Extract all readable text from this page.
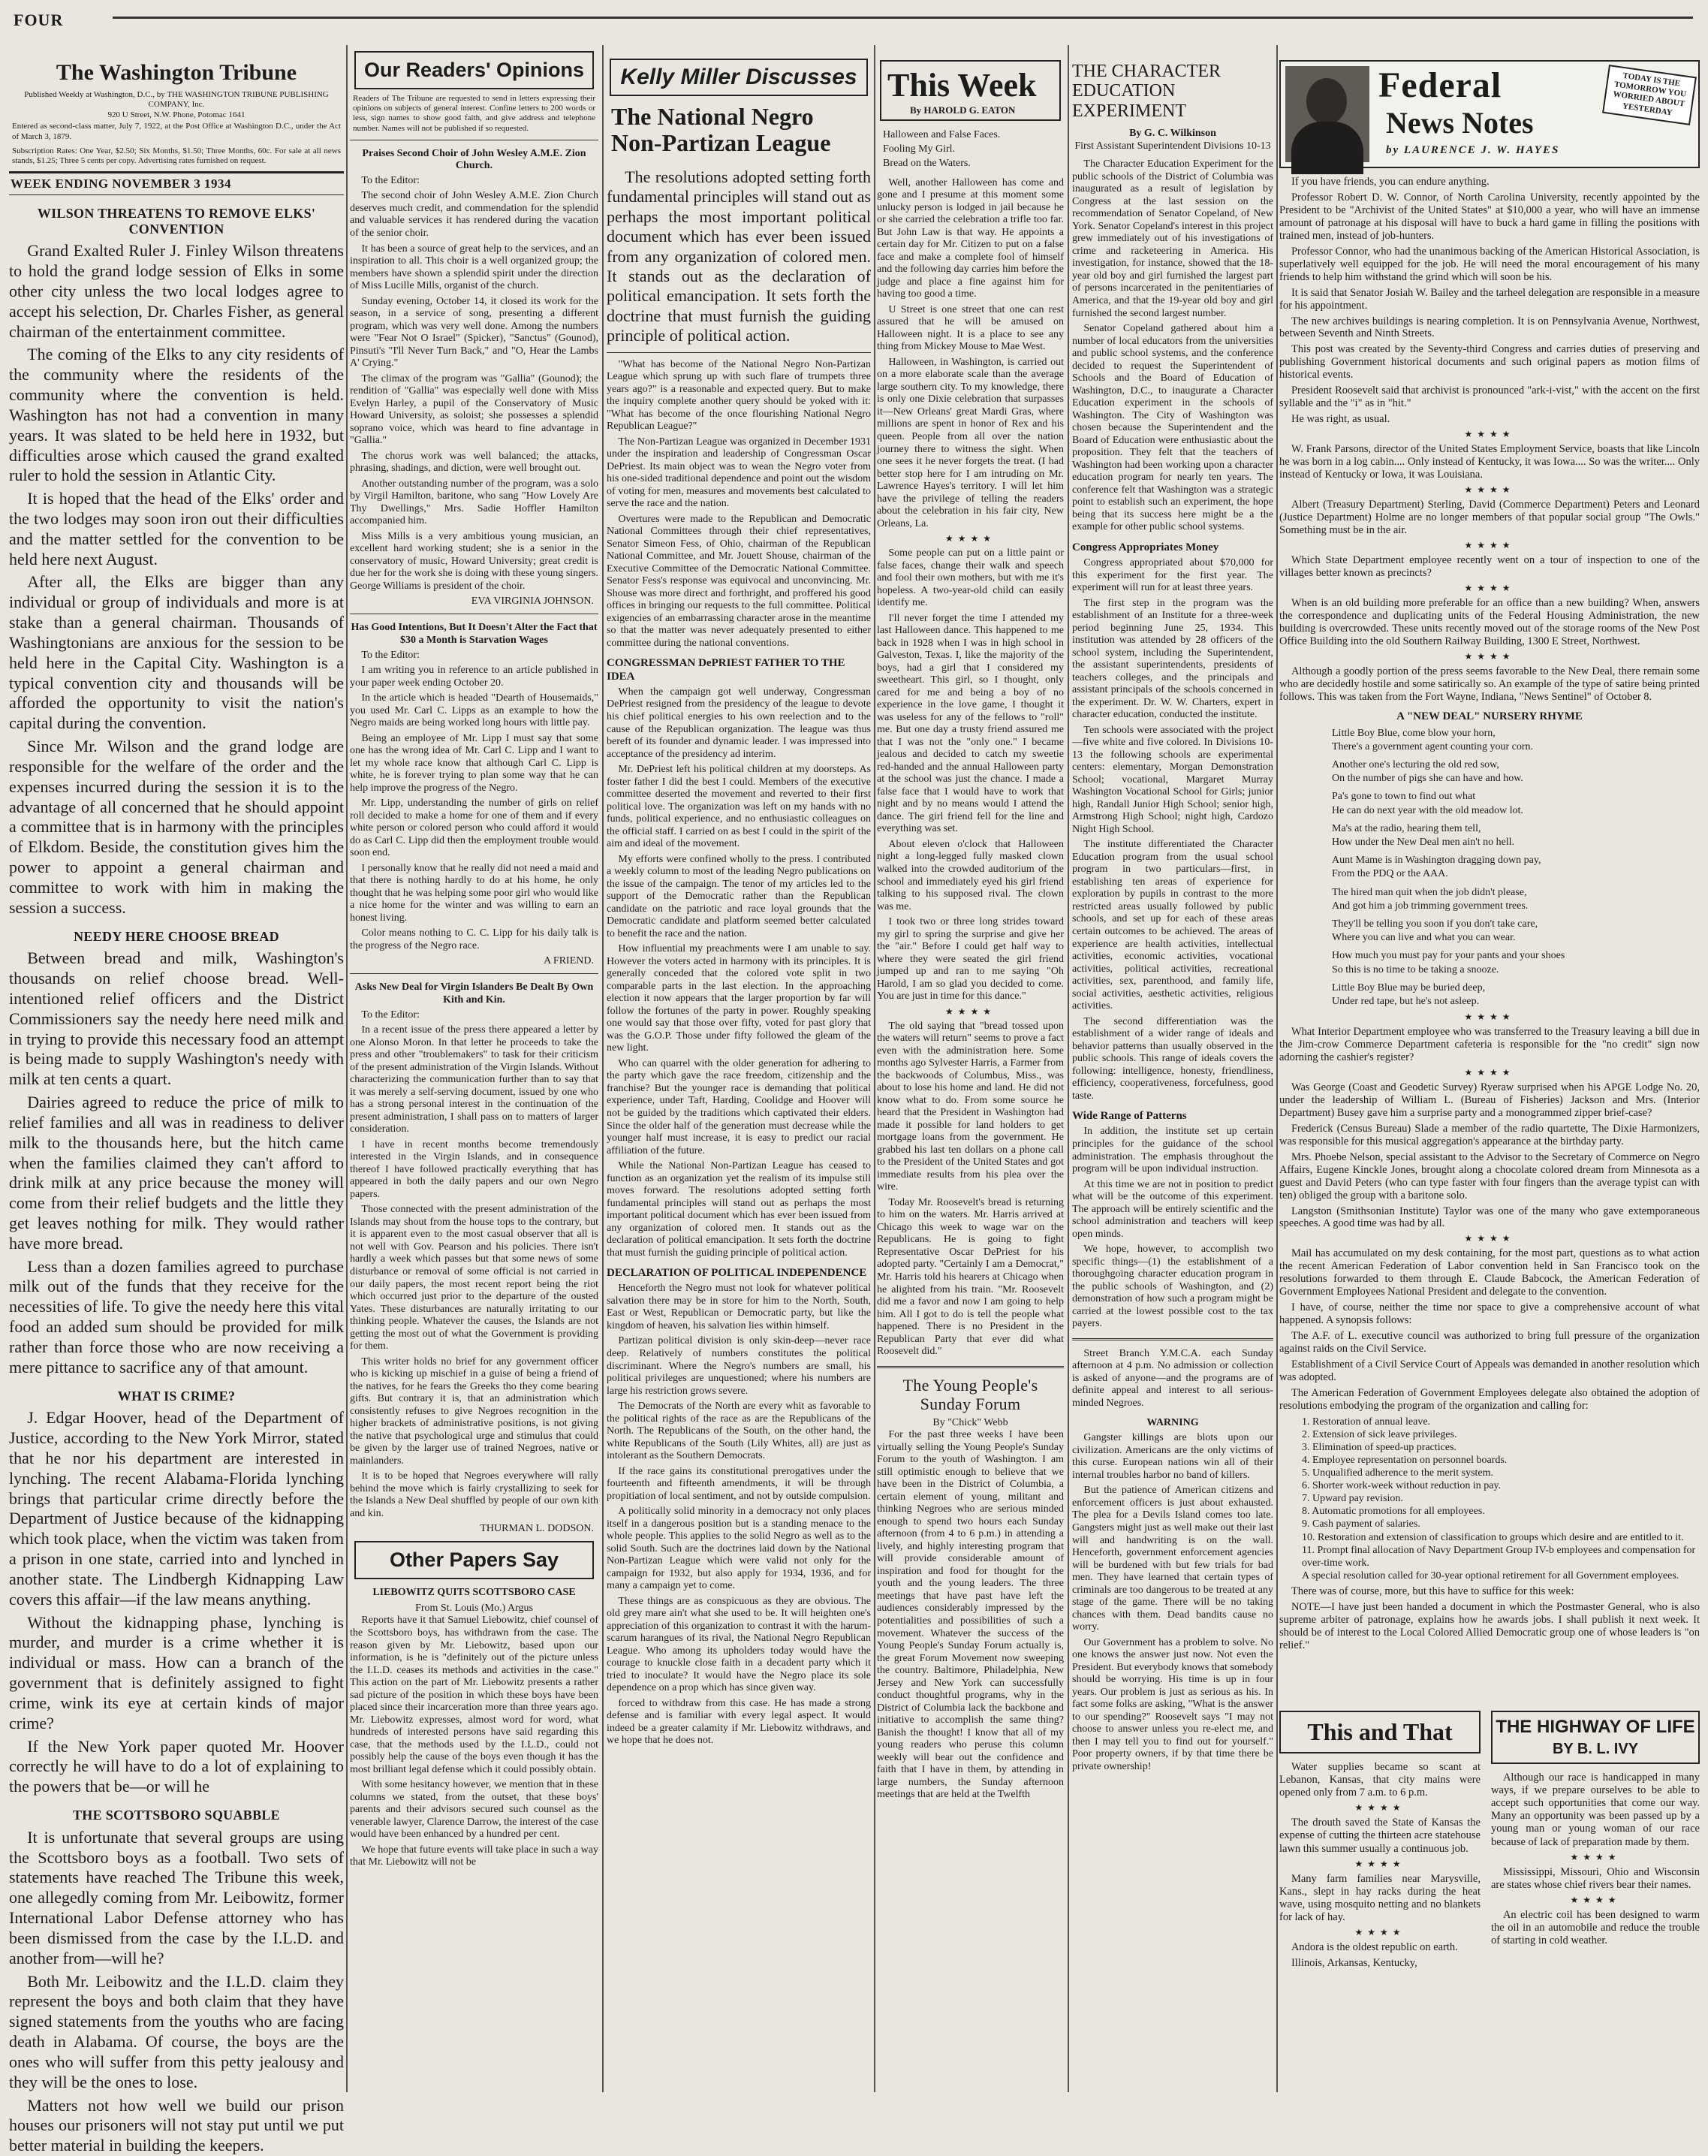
FOUR
The Washington Tribune
Published Weekly at Washington, D.C., by THE WASHINGTON TRIBUNE PUBLISHING COMPANY, Inc.
920 U Street, N.W. Phone, Potomac 1641
Entered as second-class matter, July 7, 1922, at the Post Office at Washington D.C., under the Act of March 3, 1879.
Subscription Rates: One Year, $2.50; Six Months, $1.50; Three Months, 60c. For sale at all news stands, $1.25; Three 5 cents per copy. Advertising rates furnished on request.
WEEK ENDING NOVEMBER 3 1934
WILSON THREATENS TO REMOVE ELKS' CONVENTION

Grand Exalted Ruler J. Finley Wilson threatens to hold the grand lodge session of Elks in some other city unless the two local lodges agree to accept his selection, Dr. Charles Fisher, as general chairman of the entertainment committee.

The coming of the Elks to any city residents of the community where the residents of the community where the convention is held. Washington has not had a convention in many years. It was slated to be held here in 1932, but difficulties arose which caused the grand exalted ruler to hold the session in Atlantic City.

It is hoped that the head of the Elks' order and the two lodges may soon iron out their difficulties and the matter settled for the convention to be held here next August.

After all, the Elks are bigger than any individual or group of individuals and more is at stake than a general chairman. Thousands of Washingtonians are anxious for the session to be held here in the Capital City. Washington is a typical convention city and thousands will be afforded the opportunity to visit the nation's capital during the convention.

Since Mr. Wilson and the grand lodge are responsible for the welfare of the order and the expenses incurred during the session it is to the advantage of all concerned that he should appoint a committee that is in harmony with the principles of Elkdom. Beside, the constitution gives him the power to appoint a general chairman and committee to work with him in making the session a success.

NEEDY HERE CHOOSE BREAD

Between bread and milk, Washington's thousands on relief choose bread. Well-intentioned relief officers and the District Commissioners say the needy here need milk and in trying to provide this necessary food an attempt is being made to supply Washington's needy with milk at ten cents a quart.

Dairies agreed to reduce the price of milk to relief families and all was in readiness to deliver milk to the thousands here, but the hitch came when the families claimed they can't afford to drink milk at any price because the money will come from their relief budgets and the little they get leaves nothing for milk. They would rather have more bread.

Less than a dozen families agreed to purchase milk out of the funds that they receive for the necessities of life. To give the needy here this vital food an added sum should be provided for milk rather than force those who are now receiving a mere pittance to sacrifice any of that amount.

WHAT IS CRIME?

J. Edgar Hoover, head of the Department of Justice, according to the New York Mirror, stated that he nor his department are interested in lynching. The recent Alabama-Florida lynching brings that particular crime directly before the Department of Justice because of the kidnapping which took place, when the victim was taken from a prison in one state, carried into and lynched in another state. The Lindbergh Kidnapping Law covers this affair—if the law means anything.

Without the kidnapping phase, lynching is murder, and murder is a crime whether it is individual or mass. How can a branch of the government that is definitely assigned to fight crime, wink its eye at certain kinds of major crime?

If the New York paper quoted Mr. Hoover correctly he will have to do a lot of explaining to the powers that be—or will he

THE SCOTTSBORO SQUABBLE

It is unfortunate that several groups are using the Scottsboro boys as a football. Two sets of statements have reached The Tribune this week, one allegedly coming from Mr. Leibowitz, former International Labor Defense attorney who has been dismissed from the case by the I.L.D. and another from—will he?

Both Mr. Leibowitz and the I.L.D. claim they represent the boys and both claim that they have signed statements from the youths who are facing death in Alabama. Of course, the boys are the ones who will suffer from this petty jealousy and they will be the ones to lose.

Matters not how well we build our prison houses our prisoners will not stay put until we put better material in building the keepers.

Our Readers' Opinions
Readers of The Tribune are requested to send in letters expressing their opinions on subjects of general interest. Confine letters to 200 words or less, sign names to show good faith, and give address and telephone number. Names will not be published if so requested.
Praises Second Choir of John Wesley A.M.E. Zion Church.

To the Editor:

The second choir of John Wesley A.M.E. Zion Church deserves much credit, and commendation for the splendid and valuable services it has rendered during the vacation of the senior choir.

It has been a source of great help to the services, and an inspiration to all. This choir is a well organized group; the members have shown a splendid spirit under the direction of Miss Lucille Mills, organist of the church.

Sunday evening, October 14, it closed its work for the season, in a service of song, presenting a different program, which was very well done. Among the numbers were "Fear Not O Israel" (Spicker), "Sanctus" (Gounod), Pinsuti's "I'll Never Turn Back," and "O, Hear the Lambs A' Crying."

The climax of the program was "Gallia" (Gounod); the rendition of "Gallia" was especially well done with Miss Evelyn Harley, a pupil of the Conservatory of Music Howard University, as soloist; she possesses a splendid soprano voice, which was heard to fine advantage in "Gallia."

The chorus work was well balanced; the attacks, phrasing, shadings, and diction, were well brought out.

Another outstanding number of the program, was a solo by Virgil Hamilton, baritone, who sang "How Lovely Are Thy Dwellings," Mrs. Sadie Hoffler Hamilton accompanied him.

Miss Mills is a very ambitious young musician, an excellent hard working student; she is a senior in the conservatory of music, Howard University; great credit is due her for the work she is doing with these young singers. George Williams is president of the choir.

EVA VIRGINIA JOHNSON.
Has Good Intentions, But It Doesn't Alter the Fact that $30 a Month is Starvation Wages

To the Editor:

I am writing you in reference to an article published in your paper week ending October 20.

In the article which is headed "Dearth of Housemaids," you used Mr. Carl C. Lipps as an example to how the Negro maids are being worked long hours with little pay.

Being an employee of Mr. Lipp I must say that some one has the wrong idea of Mr. Carl C. Lipp and I want to let my whole race know that although Carl C. Lipp is white, he is forever trying to plan some way that he can help improve the progress of the Negro.

Mr. Lipp, understanding the number of girls on relief roll decided to make a home for one of them and if every white person or colored person who could afford it would do as Carl C. Lipp did then the employment trouble would soon end.

I personally know that he really did not need a maid and that there is nothing hardly to do at his home, he only thought that he was helping some poor girl who would like a nice home for the winter and was willing to earn an honest living.

Color means nothing to C. C. Lipp for his daily talk is the progress of the Negro race.

A FRIEND.
Asks New Deal for Virgin Islanders Be Dealt By Own Kith and Kin.

To the Editor:

In a recent issue of the press there appeared a letter by one Alonso Moron. In that letter he proceeds to take the press and other "troublemakers" to task for their criticism of the present administration of the Virgin Islands. Without characterizing the communication further than to say that it was merely a self-serving document, issued by one who has a strong personal interest in the continuation of the present administration, I shall pass on to matters of larger consideration.

I have in recent months become tremendously interested in the Virgin Islands, and in consequence thereof I have followed practically everything that has appeared in both the daily papers and our own Negro papers.

Those connected with the present administration of the Islands may shout from the house tops to the contrary, but it is apparent even to the most casual observer that all is not well with Gov. Pearson and his policies. There isn't hardly a week which passes but that some news of some disturbance or removal of some official is not carried in our daily papers, the most recent report being the riot which occurred just prior to the departure of the ousted Yates. These disturbances are naturally irritating to our thinking people. Whatever the causes, the Islands are not getting the most out of what the Government is providing for them.

This writer holds no brief for any government officer who is kicking up mischief in a guise of being a friend of the natives, for he fears the Greeks tho they come bearing gifts. But contrary it is, that an administration which consistently refuses to give Negroes recognition in the higher brackets of administrative positions, is not giving the native that psychological urge and stimulus that could be given by the larger use of trained Negroes, native or mainlanders.

It is to be hoped that Negroes everywhere will rally behind the move which is fairly crystallizing to seek for the Islands a New Deal shuffled by people of our own kith and kin.

THURMAN L. DODSON.
Other Papers Say
LIEBOWITZ QUITS SCOTTSBORO CASE
From St. Louis (Mo.) Argus

Reports have it that Samuel Liebowitz, chief counsel of the Scottsboro boys, has withdrawn from the case. The reason given by Mr. Liebowitz, based upon our information, is he is "definitely out of the picture unless the I.L.D. ceases its methods and activities in the case." This action on the part of Mr. Liebowitz presents a rather sad picture of the position in which these boys have been placed since their incarceration more than three years ago. Mr. Liebowitz expresses, almost word for word, what hundreds of interested persons have said regarding this case, that the methods used by the I.L.D., could not possibly help the cause of the boys even though it has the most brilliant legal defense which it could possibly obtain.

With some hesitancy however, we mention that in these columns we stated, from the outset, that these boys' parents and their advisors secured such counsel as the venerable lawyer, Clarence Darrow, the interest of the case would have been enhanced by a hundred per cent.

We hope that future events will take place in such a way that Mr. Liebowitz will not be

Kelly Miller Discusses
The National Negro Non-Partizan League

The resolutions adopted setting forth fundamental principles will stand out as perhaps the most important political document which has ever been issued from any organization of colored men. It stands out as the declaration of political emancipation. It sets forth the doctrine that must furnish the guiding principle of political action.

"What has become of the National Negro Non-Partizan League which sprung up with such flare of trumpets three years ago?" is a reasonable and expected query. But to make the inquiry complete another query should be yoked with it: "What has become of the once flourishing National Negro Republican League?"

The Non-Partizan League was organized in December 1931 under the inspiration and leadership of Congressman Oscar DePriest. Its main object was to wean the Negro voter from his one-sided traditional dependence and point out the wisdom of voting for men, measures and movements best calculated to serve the race and the nation.

Overtures were made to the Republican and Democratic National Committees through their chief representatives, Senator Simeon Fess, of Ohio, chairman of the Republican National Committee, and Mr. Jouett Shouse, chairman of the Executive Committee of the Democratic National Committee. Senator Fess's response was equivocal and unconvincing. Mr. Shouse was more direct and forthright, and proffered his good offices in bringing our requests to the full committee. Political exigencies of an embarrassing character arose in the meantime so that the matter was never adequately presented to either committee during the national conventions.

CONGRESSMAN DePRIEST FATHER TO THE IDEA

When the campaign got well underway, Congressman DePriest resigned from the presidency of the league to devote his chief political energies to his own reelection and to the cause of the Republican organization. The league was thus bereft of its founder and dynamic leader. I was impressed into acceptance of the presidency ad interim.

Mr. DePriest left his political children at my doorsteps. As foster father I did the best I could. Members of the executive committee deserted the movement and reverted to their first political love. The organization was left on my hands with no funds, political experience, and no enthusiastic colleagues on the official staff. I carried on as best I could in the spirit of the aim and ideal of the movement.

My efforts were confined wholly to the press. I contributed a weekly column to most of the leading Negro publications on the issue of the campaign. The tenor of my articles led to the support of the Democratic rather than the Republican candidate on the patriotic and race loyal grounds that the Democratic candidate and platform seemed better calculated to benefit the race and the nation.

How influential my preachments were I am unable to say. However the voters acted in harmony with its principles. It is generally conceded that the colored vote split in two comparable parts in the last election. In the approaching election it now appears that the larger proportion by far will follow the fortunes of the party in power. Roughly speaking one would say that those over fifty, voted for past glory that was the G.O.P. Those under fifty followed the gleam of the new light.

Who can quarrel with the older generation for adhering to the party which gave the race freedom, citizenship and the franchise? But the younger race is demanding that political experience, under Taft, Harding, Coolidge and Hoover will not be guided by the traditions which captivated their elders. Since the older half of the generation must decrease while the younger half must increase, it is easy to predict our racial affiliation of the future.

While the National Non-Partizan League has ceased to function as an organization yet the realism of its impulse still moves forward. The resolutions adopted setting forth fundamental principles will stand out as perhaps the most important political document which has ever been issued from any organization of colored men. It stands out as the declaration of political emancipation. It sets forth the doctrine that must furnish the guiding principle of political action.

DECLARATION OF POLITICAL INDEPENDENCE

Henceforth the Negro must not look for whatever political salvation there may be in store for him to the North, South, East or West, Republican or Democratic party, but like the kingdom of heaven, his salvation lies within himself.

Partizan political division is only skin-deep—never race deep. Relatively of numbers constitutes the political discriminant. Where the Negro's numbers are small, his political privileges are unquestioned; where his numbers are large his restriction grows severe.

The Democrats of the North are every whit as favorable to the political rights of the race as are the Republicans of the North. The Republicans of the South, on the other hand, the white Republicans of the South (Lily Whites, all) are just as intolerant as the Southern Democrats.

If the race gains its constitutional prerogatives under the fourteenth and fifteenth amendments, it will be through propitiation of local sentiment, and not by outside compulsion.

A politically solid minority in a democracy not only places itself in a dangerous position but is a standing menace to the whole people. This applies to the solid Negro as well as to the solid South. Such are the doctrines laid down by the National Non-Partizan League which were valid not only for the campaign for 1932, but also apply for 1934, 1936, and for many a campaign yet to come.

These things are as conspicuous as they are obvious. The old grey mare ain't what she used to be. It will heighten one's appreciation of this organization to contrast it with the harum-scarum harangues of its rival, the National Negro Republican League. Who among its upholders today would have the courage to knuckle close faith in a decadent party which it tried to inoculate? It would have the Negro place its sole dependence on a prop which has since given way.

forced to withdraw from this case. He has made a strong defense and is familiar with every legal aspect. It would indeed be a greater calamity if Mr. Liebowitz withdraws, and we hope that he does not.

This Week
By HAROLD G. EATON
Halloween and False Faces.
Fooling My Girl.
Bread on the Waters.

Well, another Halloween has come and gone and I presume at this moment some unlucky person is lodged in jail because he or she carried the celebration a trifle too far. But John Law is that way. He appoints a certain day for Mr. Citizen to put on a false face and make a complete fool of himself and the following day carries him before the judge and place a fine against him for having too good a time.

U Street is one street that one can rest assured that he will be amused on Halloween night. It is a place to see any thing from Mickey Mouse to Mae West.

Halloween, in Washington, is carried out on a more elaborate scale than the average large southern city. To my knowledge, there is only one Dixie celebration that surpasses it—New Orleans' great Mardi Gras, where millions are spent in honor of Rex and his queen. People from all over the nation journey there to witness the sight. When one sees it he never forgets the treat. (I had better stop here for I am intruding on Mr. Lawrence Hayes's territory. I will let him have the privilege of telling the readers about the celebration in his fair city, New Orleans, La.

★★★★

Some people can put on a little paint or false faces, change their walk and speech and fool their own mothers, but with me it's hopeless. A two-year-old child can easily identify me.

I'll never forget the time I attended my last Halloween dance. This happened to me back in 1928 when I was in high school in Galveston, Texas. I, like the majority of the boys, had a girl that I considered my sweetheart. This girl, so I thought, only cared for me and being a boy of no experience in the love game, I thought it was useless for any of the fellows to "roll" me. But one day a trusty friend assured me that I was not the "only one." I became jealous and decided to catch my sweetie red-handed and the annual Halloween party at the school was just the chance. I made a false face that I would have to work that night and by no means would I attend the dance. The girl friend fell for the line and everything was set.

About eleven o'clock that Halloween night a long-legged fully masked clown walked into the crowded auditorium of the school and immediately eyed his girl friend talking to his supposed rival. The clown was me.

I took two or three long strides toward my girl to spring the surprise and give her the "air." Before I could get half way to where they were seated the girl friend jumped up and ran to me saying "Oh Harold, I am so glad you decided to come. You are just in time for this dance."

★★★★

The old saying that "bread tossed upon the waters will return" seems to prove a fact even with the administration here. Some months ago Sylvester Harris, a Farmer from the backwoods of Columbus, Miss., was about to lose his home and land. He did not know what to do. From some source he heard that the President in Washington had made it possible for land holders to get mortgage loans from the government. He grabbed his last ten dollars on a phone call to the President of the United States and got immediate results from his plea over the wire.

Today Mr. Roosevelt's bread is returning to him on the waters. Mr. Harris arrived at Chicago this week to wage war on the Republicans. He is going to fight Representative Oscar DePriest for his adopted party. "Certainly I am a Democrat," Mr. Harris told his hearers at Chicago when he alighted from his train. "Mr. Roosevelt did me a favor and now I am going to help him. All I got to do is tell the people what happened. There is no President in the Republican Party that ever did what Roosevelt did."

The Young People's Sunday Forum
By "Chick" Webb

For the past three weeks I have been virtually selling the Young People's Sunday Forum to the youth of Washington. I am still optimistic enough to believe that we have been in the District of Columbia, a certain element of young, militant and thinking Negroes who are serious minded enough to spend two hours each Sunday afternoon (from 4 to 6 p.m.) in attending a lively, and highly interesting program that will provide considerable amount of inspiration and food for thought for the youth and the young leaders. The three meetings that have past have left the audiences considerably impressed by the potentialities and possibilities of such a movement. Whatever the success of the Young People's Sunday Forum actually is, the great Forum Movement now sweeping the country. Baltimore, Philadelphia, New Jersey and New York can successfully conduct thoughtful programs, why in the District of Columbia lack the backbone and initiative to accomplish the same thing? Banish the thought! I know that all of my young readers who peruse this column weekly will bear out the confidence and faith that I have in them, by attending in large numbers, the Sunday afternoon meetings that are held at the Twelfth

THE CHARACTER EDUCATION EXPERIMENT
By G. C. Wilkinson
First Assistant Superintendent Divisions 10-13

The Character Education Experiment for the public schools of the District of Columbia was inaugurated as a result of legislation by Congress at the last session on the recommendation of Senator Copeland, of New York. Senator Copeland's interest in this project grew immediately out of his investigations of crime and racketeering in America. His investigation, for instance, showed that the 18-year old boy and girl furnished the largest part of persons incarcerated in the penitentiaries of America, and that the 19-year old boy and girl furnished the second largest number.

Senator Copeland gathered about him a number of local educators from the universities and public school systems, and the conference decided to request the Superintendent of Schools and the Board of Education of Washington, D.C., to inaugurate a Character Education experiment in the schools of Washington. The City of Washington was chosen because the Superintendent and the Board of Education were enthusiastic about the proposition. They felt that the teachers of Washington had been working upon a character education program for nearly ten years. The conference felt that Washington was a strategic point to establish such an experiment, the hope being that its success here might be a the example for other public school systems.

Congress Appropriates Money

Congress appropriated about $70,000 for this experiment for the first year. The experiment will run for at least three years.

The first step in the program was the establishment of an Institute for a three-week period beginning June 25, 1934. This institution was attended by 28 officers of the school system, including the Superintendent, the assistant superintendents, presidents of teachers colleges, and the principals and assistant principals of the schools concerned in the experiment. Dr. W. W. Charters, expert in character education, conducted the institute.

Ten schools were associated with the project—five white and five colored. In Divisions 10-13 the following schools are experimental centers: elementary, Morgan Demonstration School; vocational, Margaret Murray Washington Vocational School for Girls; junior high, Randall Junior High School; senior high, Armstrong High School; night high, Cardozo Night High School.

The institute differentiated the Character Education program from the usual school program in two particulars—first, in establishing ten areas of experience for exploration by pupils in contrast to the more restricted areas usually followed by public schools, and set up for each of these areas certain outcomes to be achieved. The areas of experience are health activities, intellectual activities, economic activities, vocational activities, political activities, recreational activities, sex, parenthood, and family life, social activities, aesthetic activities, religious activities.

The second differentiation was the establishment of a wider range of ideals and behavior patterns than usually observed in the public schools. This range of ideals covers the following: intelligence, honesty, friendliness, efficiency, cooperativeness, forcefulness, good taste.

Wide Range of Patterns

In addition, the institute set up certain principles for the guidance of the school administration. The emphasis throughout the program will be upon individual instruction.

At this time we are not in position to predict what will be the outcome of this experiment. The approach will be entirely scientific and the school administration and teachers will keep open minds.

We hope, however, to accomplish two specific things—(1) the establishment of a thoroughgoing character education program in the public schools of Washington, and (2) demonstration of how such a program might be carried at the lowest possible cost to the tax payers.

Street Branch Y.M.C.A. each Sunday afternoon at 4 p.m. No admission or collection is asked of anyone—and the programs are of definite appeal and interest to all serious-minded Negroes.

WARNING

Gangster killings are blots upon our civilization. Americans are the only victims of this curse. European nations win all of their internal troubles harbor no band of killers.

But the patience of American citizens and enforcement officers is just about exhausted. The plea for a Devils Island comes too late. Gangsters might just as well make out their last will and handwriting is on the wall. Henceforth, government enforcement agencies will be burdened with but few trials for bad men. They have learned that certain types of criminals are too dangerous to be treated at any stage of the game. There will be no taking chances with them. Dead bandits cause no worry.

Our Government has a problem to solve. No one knows the answer just now. Not even the President. But everybody knows that somebody should be worrying. His time is up in four years. Our problem is just as serious as his. In fact some folks are asking, "What is the answer to our spending?" Roosevelt says "I may not choose to answer unless you re-elect me, and then I may tell you to find out for yourself." Poor property owners, if by that time there be private ownership!

Federal
News Notes
by LAURENCE J. W. HAYES
TODAY IS THE TOMORROW YOU WORRIED ABOUT YESTERDAY

If you have friends, you can endure anything.

Professor Robert D. W. Connor, of North Carolina University, recently appointed by the President to be "Archivist of the United States" at $10,000 a year, who will have an immense amount of patronage at his disposal will have to buck a hard game in filling the positions with trained men, instead of job-hunters.

Professor Connor, who had the unanimous backing of the American Historical Association, is superlatively well equipped for the job. He will need the moral encouragement of his many friends to help him withstand the grind which will soon be his.

It is said that Senator Josiah W. Bailey and the tarheel delegation are responsible in a measure for his appointment.

The new archives buildings is nearing completion. It is on Pennsylvania Avenue, Northwest, between Seventh and Ninth Streets.

This post was created by the Seventy-third Congress and carries duties of preserving and publishing Government historical documents and such original papers as motion films of historical events.

President Roosevelt said that archivist is pronounced "ark-i-vist," with the accent on the first syllable and the "i" as in "hit."

He was right, as usual.

★★★★

W. Frank Parsons, director of the United States Employment Service, boasts that like Lincoln he was born in a log cabin.... Only instead of Kentucky, it was Iowa.... So was the writer.... Only instead of Kentucky or Iowa, it was Louisiana.

★★★★

Albert (Treasury Department) Sterling, David (Commerce Department) Peters and Leonard (Justice Department) Holme are no longer members of that popular social group "The Owls." Something must be in the air.

★★★★

Which State Department employee recently went on a tour of inspection to one of the villages better known as precincts?

★★★★

When is an old building more preferable for an office than a new building? When, answers the correspondence and duplicating units of the Federal Housing Administration, the new building is overcrowded. These units recently moved out of the storage rooms of the New Post Office Building into the old Southern Railway Building, 1300 E Street, Northwest.

★★★★

Although a goodly portion of the press seems favorable to the New Deal, there remain some who are decidedly hostile and some satirically so. An example of the type of satire being printed follows. This was taken from the Fort Wayne, Indiana, "News Sentinel" of October 8.

A "NEW DEAL" NURSERY RHYME
Little Boy Blue, come blow your horn,
There's a government agent counting your corn.
Another one's lecturing the old red sow,
On the number of pigs she can have and how.
Pa's gone to town to find out what
He can do next year with the old meadow lot.
Ma's at the radio, hearing them tell,
How under the New Deal men ain't no hell.
Aunt Mame is in Washington dragging down pay,
From the PDQ or the AAA.
The hired man quit when the job didn't please,
And got him a job trimming government trees.
They'll be telling you soon if you don't take care,
Where you can live and what you can wear.
How much you must pay for your pants and your shoes
So this is no time to be taking a snooze.
Little Boy Blue may be buried deep,
Under red tape, but he's not asleep.
★★★★

What Interior Department employee who was transferred to the Treasury leaving a bill due in the Jim-crow Commerce Department cafeteria is responsible for the "no credit" sign now adorning the cashier's register?

★★★★

Was George (Coast and Geodetic Survey) Ryeraw surprised when his APGE Lodge No. 20, under the leadership of William L. (Bureau of Fisheries) Jackson and Mrs. (Interior Department) Busey gave him a surprise party and a monogrammed zipper brief-case?

Frederick (Census Bureau) Slade a member of the radio quartette, The Dixie Harmonizers, was responsible for this musical aggregation's appearance at the birthday party.

Mrs. Phoebe Nelson, special assistant to the Advisor to the Secretary of Commerce on Negro Affairs, Eugene Kinckle Jones, brought along a chocolate colored dream from Minnesota as a guest and David Peters (who can type faster with four fingers than the average typist can with ten) obliged the group with a baritone solo.

Langston (Smithsonian Institute) Taylor was one of the many who gave extemporaneous speeches. A good time was had by all.

★★★★

Mail has accumulated on my desk containing, for the most part, questions as to what action the recent American Federation of Labor convention held in San Francisco took on the resolutions forwarded to them through E. Claude Babcock, the American Federation of Government Employees National President and delegate to the convention.

I have, of course, neither the time nor space to give a comprehensive account of what happened. A synopsis follows:

The A.F. of L. executive council was authorized to bring full pressure of the organization against raids on the Civil Service.

Establishment of a Civil Service Court of Appeals was demanded in another resolution which was adopted.

The American Federation of Government Employees delegate also obtained the adoption of resolutions embodying the program of the organization and calling for:

1. Restoration of annual leave.
2. Extension of sick leave privileges.
3. Elimination of speed-up practices.
4. Employee representation on personnel boards.
5. Unqualified adherence to the merit system.
6. Shorter work-week without reduction in pay.
7. Upward pay revision.
8. Automatic promotions for all employees.
9. Cash payment of salaries.
10. Restoration and extension of classification to groups which desire and are entitled to it.
11. Prompt final allocation of Navy Department Group IV-b employees and compensation for over-time work.
A special resolution called for 30-year optional retirement for all Government employees.

There was of course, more, but this have to suffice for this week:

NOTE—I have just been handed a document in which the Postmaster General, who is also supreme arbiter of patronage, explains how he awards jobs. I shall publish it next week. It should be of interest to the Local Colored Allied Democratic group one of whose leaders is "on relief."

This and That

Water supplies became so scant at Lebanon, Kansas, that city mains were opened only from 7 a.m. to 6 p.m.

★★★★

The drouth saved the State of Kansas the expense of cutting the thirteen acre statehouse lawn this summer usually a continuous job.

★★★★

Many farm families near Marysville, Kans., slept in hay racks during the heat wave, using mosquito netting and no blankets for lack of hay.

★★★★

Andora is the oldest republic on earth.

Illinois, Arkansas, Kentucky,

THE HIGHWAY OF LIFE
BY B. L. IVY

Although our race is handicapped in many ways, if we prepare ourselves to be able to accept such opportunities that come our way. Many an opportunity was been passed up by a young man or young woman of our race because of lack of preparation made by them.

★★★★

Mississippi, Missouri, Ohio and Wisconsin are states whose chief rivers bear their names.

★★★★

An electric coil has been designed to warm the oil in an automobile and reduce the trouble of starting in cold weather.
